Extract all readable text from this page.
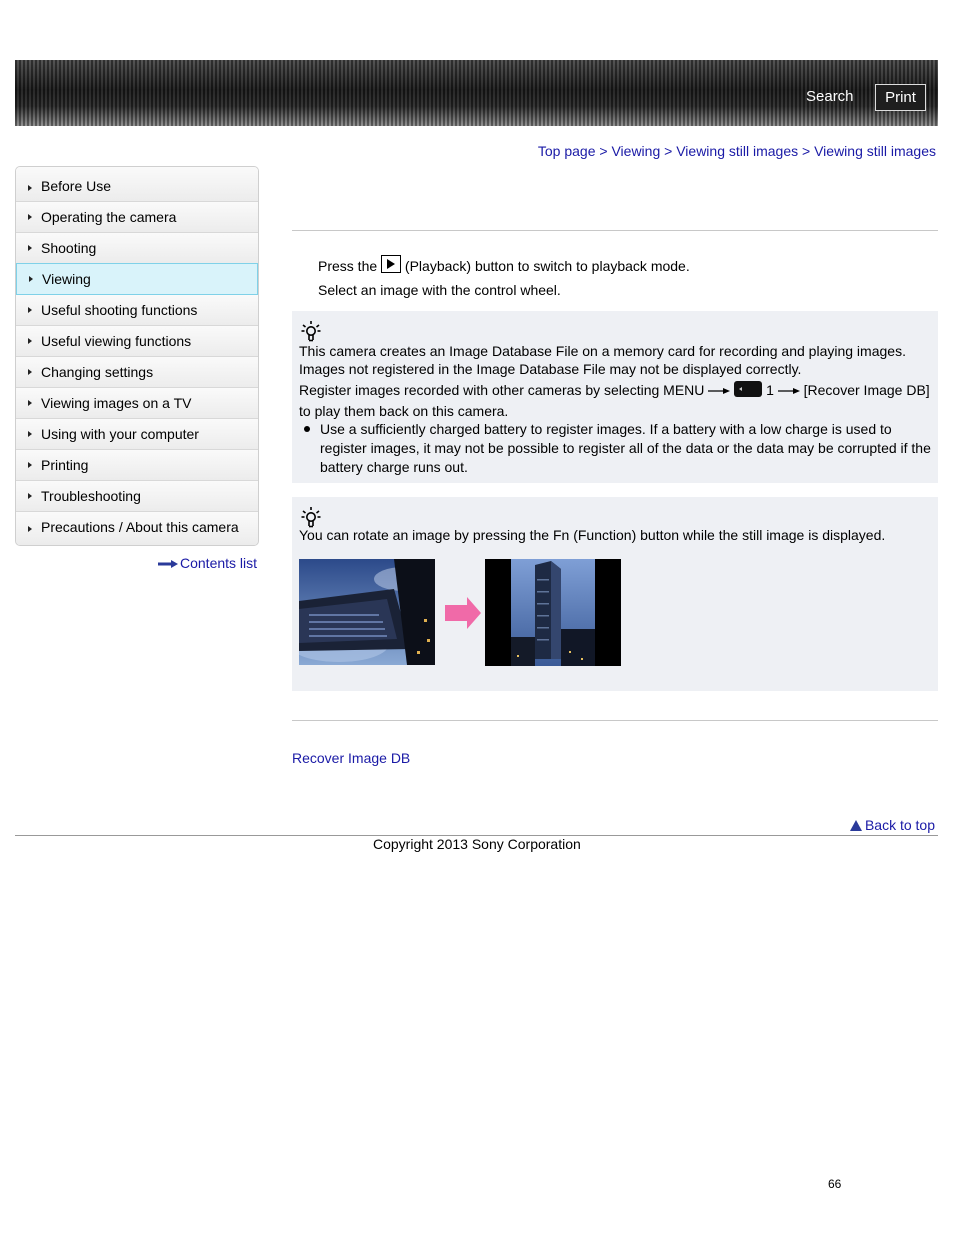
Search	Print
Top page > Viewing > Viewing still images > Viewing still images
Before Use
Operating the camera
Shooting
Viewing
Useful shooting functions
Useful viewing functions
Changing settings
Viewing images on a TV
Using with your computer
Printing
Troubleshooting
Precautions / About this camera
Contents list
Press the (Playback) button to switch to playback mode.
Select an image with the control wheel.

This camera creates an Image Database File on a memory card for recording and playing images.

Images not registered in the Image Database File may not be displayed correctly.

Register images recorded with other cameras by selecting MENU	1 [Recover Image DB]

to play them back on this camera.

Use a sufficiently charged battery to register images. If a battery with a low charge is used to register images, it may not be possible to register all of the data or the data may be corrupted if the battery charge runs out.

You can rotate an image by pressing the Fn (Function) button while the still image is displayed.

Recover Image DB
Back to top
Copyright 2013 Sony Corporation
66
